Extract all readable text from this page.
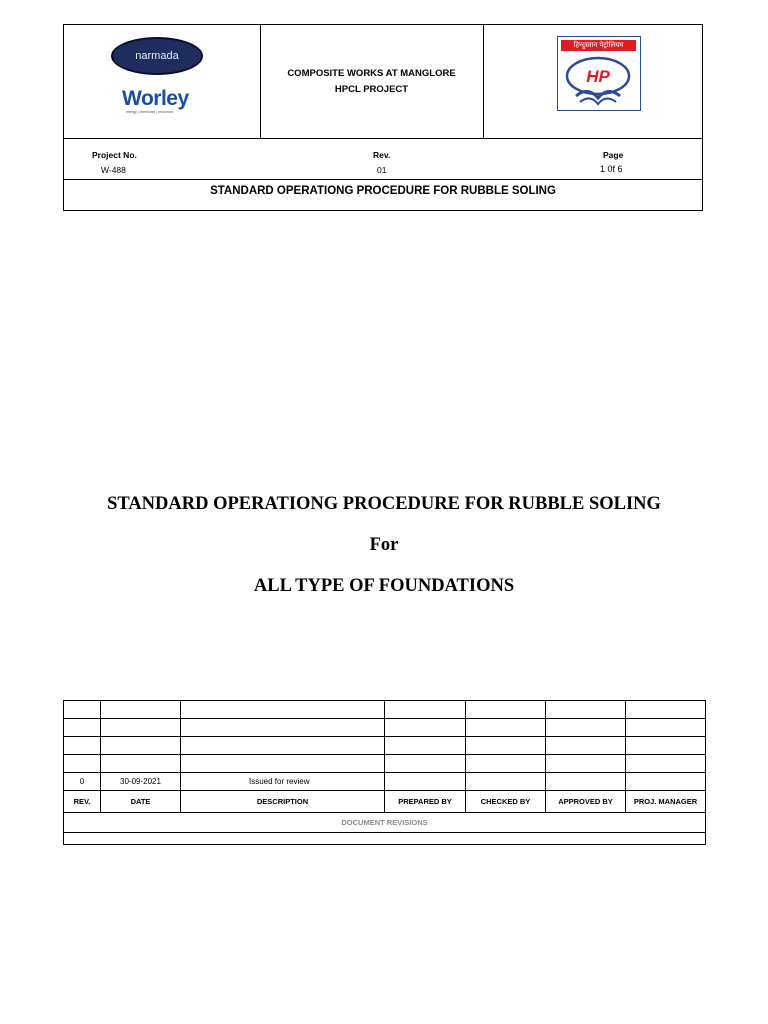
narmada
Worley
energy | chemicals | resources
COMPOSITE WORKS AT MANGLORE
HPCL PROJECT
हिन्दुस्तान पेट्रोलियम
HP
Project No.
W-488
Rev.
01
Page
1 0f 6
STANDARD OPERATIONG PROCEDURE FOR RUBBLE SOLING
STANDARD OPERATIONG PROCEDURE FOR RUBBLE SOLING
For
ALL TYPE OF FOUNDATIONS

0	30-09-2021	Issued for review				
REV.	DATE	DESCRIPTION	PREPARED BY	CHECKED BY	APPROVED BY	PROJ. MANAGER
DOCUMENT REVISIONS						
